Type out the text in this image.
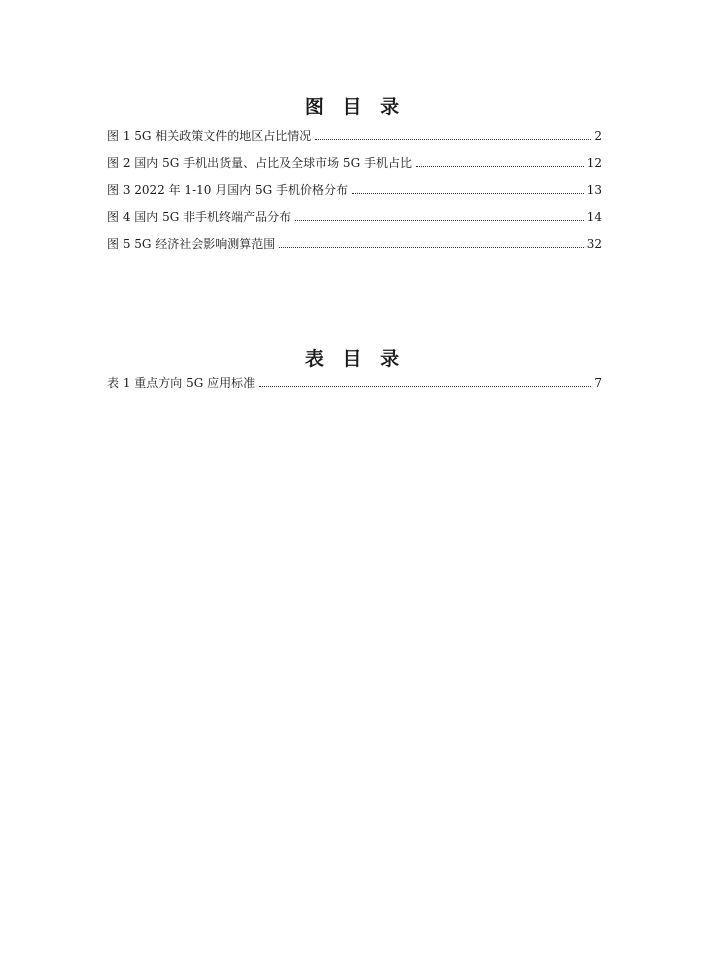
图 目 录
图 1 5G 相关政策文件的地区占比情况	2
图 2 国内 5G 手机出货量、占比及全球市场 5G 手机占比	12
图 3 2022 年 1-10 月国内 5G 手机价格分布	13
图 4 国内 5G 非手机终端产品分布	14
图 5 5G 经济社会影响测算范围	32
表 目 录
表 1 重点方向 5G 应用标准	7
